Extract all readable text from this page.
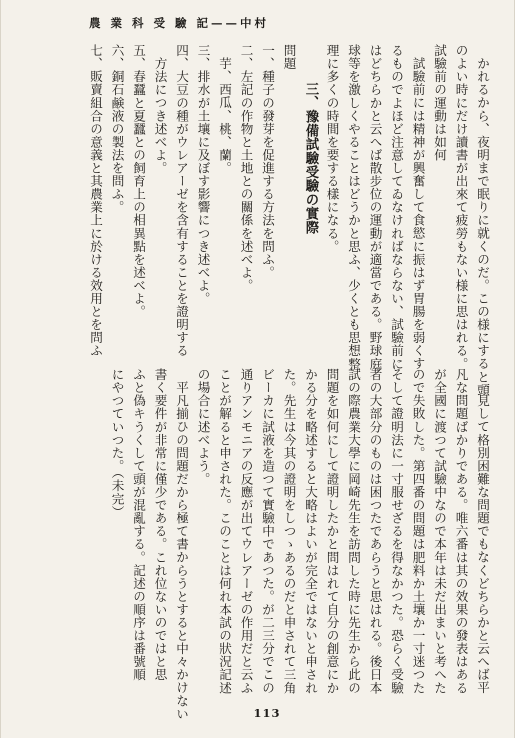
農 業 科 受 驗 記——中村
かれるから、夜明まで眠りに就くのだ。この様にすると頭
のよい時にだけ讀書が出來て疲勞もない様に思はれる。
試驗前の運動は如何
試驗前には精神が興奮して食慾に振はず胃腸を弱くす
るものでよほど注意してゐなければならない、試驗前に
はどちらかと云へば散步位の運動が適當である。野球庭
球等を激しくやることはどうかと思ふ、少くとも思想整
理に多くの時間を要する樣になる。
三、豫備試驗受驗の實際
問題
一、種子の發芽を促進する方法を問ふ。
二、左記の作物と土地との關係を述べよ。
芋、西瓜、桃、蘭。
三、排水が土壤に及ぼす影響につき述べよ。
四、大豆の種がウレアーゼを含有することを證明する
方法につき述べよ。
五、春蠶と夏蠶との飼育上の相異點を述べよ。
六、銅石鹸液の製法を問ふ。
七、販賣組合の意義と其農業上に於ける效用とを問ふ
一見して格別困難な問題でもなくどちらかと云へば平
凡な問題ばかりである。唯六番は其の效果の發表はある
が全國に渡つて試驗中なので本年は未だ出まいと考へた
ので失敗した。第四番の問題は肥料か土壤か一寸迷つた
そして證明法に一寸服せざるを得なかつた。恐らく受驗
者の大部分のものは困つたであらうと思はれる。後日本
試の際農業大學に岡崎先生を訪問した時に先生から此の
問題を如何にして證明したかと問はれて自分の創意にか
かる分を略述すると大略はよいが完全ではないと申され
た。先生は今其の證明をしつゝあるのだと申されて三角
ビーカに試液を造つて實驗中であつた。が二三分でこの
通りアンモニアの反應が出てウレアーゼの作用だと云ふ
ことが解ると申された。このことは何れ本試の狀況記述
の場合に述べよう。
平凡揃ひの問題だから極て書からうとすると中々かけない
書く要件が非常に僅少である。これ位ないのではと思
ふと偽キうくして頭が混亂する。記述の順序は番號順
にやつていつた。（未完）
113
